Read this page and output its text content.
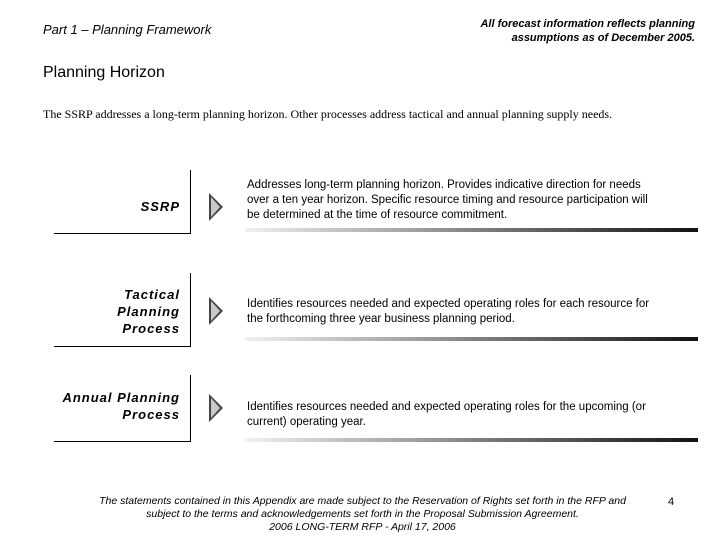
Part 1 – Planning Framework	All forecast information reflects planning
assumptions as of December 2005.
Planning Horizon
The SSRP addresses a long-term planning horizon. Other processes address tactical and annual planning supply needs.
SSRP
Addresses long-term planning horizon. Provides indicative direction for needs
over a ten year horizon. Specific resource timing and resource participation will
be determined at the time of resource commitment.
Tactical
Planning
Process
Identifies resources needed and expected operating roles for each resource for
the forthcoming three year business planning period.
Annual Planning
Process	Identifies resources needed and expected operating roles for the upcoming (or
current) operating year.
The statements contained in this Appendix are made subject to the Reservation of Rights set forth in the RFP and
subject to the terms and acknowledgements set forth in the Proposal Submission Agreement.
2006 LONG-TERM RFP - April 17, 2006
4
